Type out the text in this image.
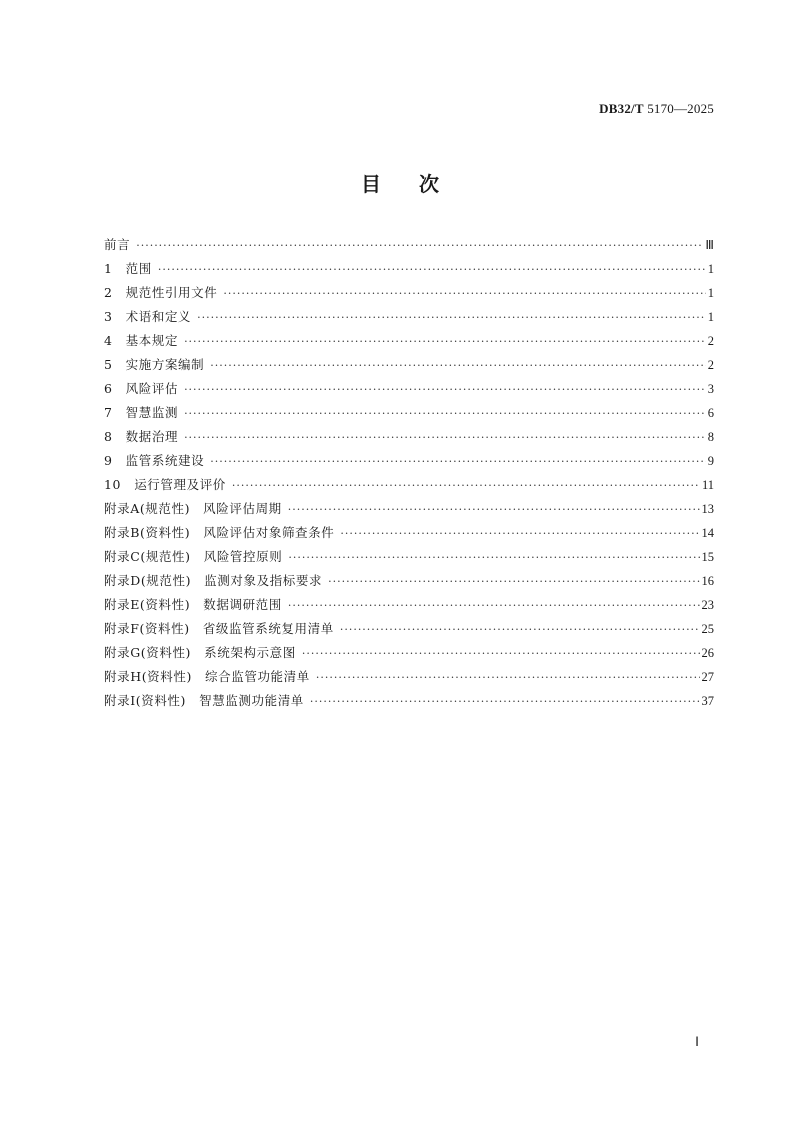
DB32/T 5170—2025
目次
前言 ·····	Ⅲ
1　范围 ·····	1
2　规范性引用文件 ·····	1
3　术语和定义 ·····	1
4　基本规定 ·····	2
5　实施方案编制 ·····	2
6　风险评估 ·····	3
7　智慧监测 ·····	6
8　数据治理 ·····	8
9　监管系统建设 ·····	9
10　运行管理及评价 ·····	11
附录A(规范性)　风险评估周期 ·····	13
附录B(资料性)　风险评估对象筛查条件 ·····	14
附录C(规范性)　风险管控原则 ·····	15
附录D(规范性)　监测对象及指标要求 ·····	16
附录E(资料性)　数据调研范围 ·····	23
附录F(资料性)　省级监管系统复用清单 ·····	25
附录G(资料性)　系统架构示意图 ·····	26
附录H(资料性)　综合监管功能清单 ·····	27
附录I(资料性)　智慧监测功能清单 ·····	37
Ⅰ
